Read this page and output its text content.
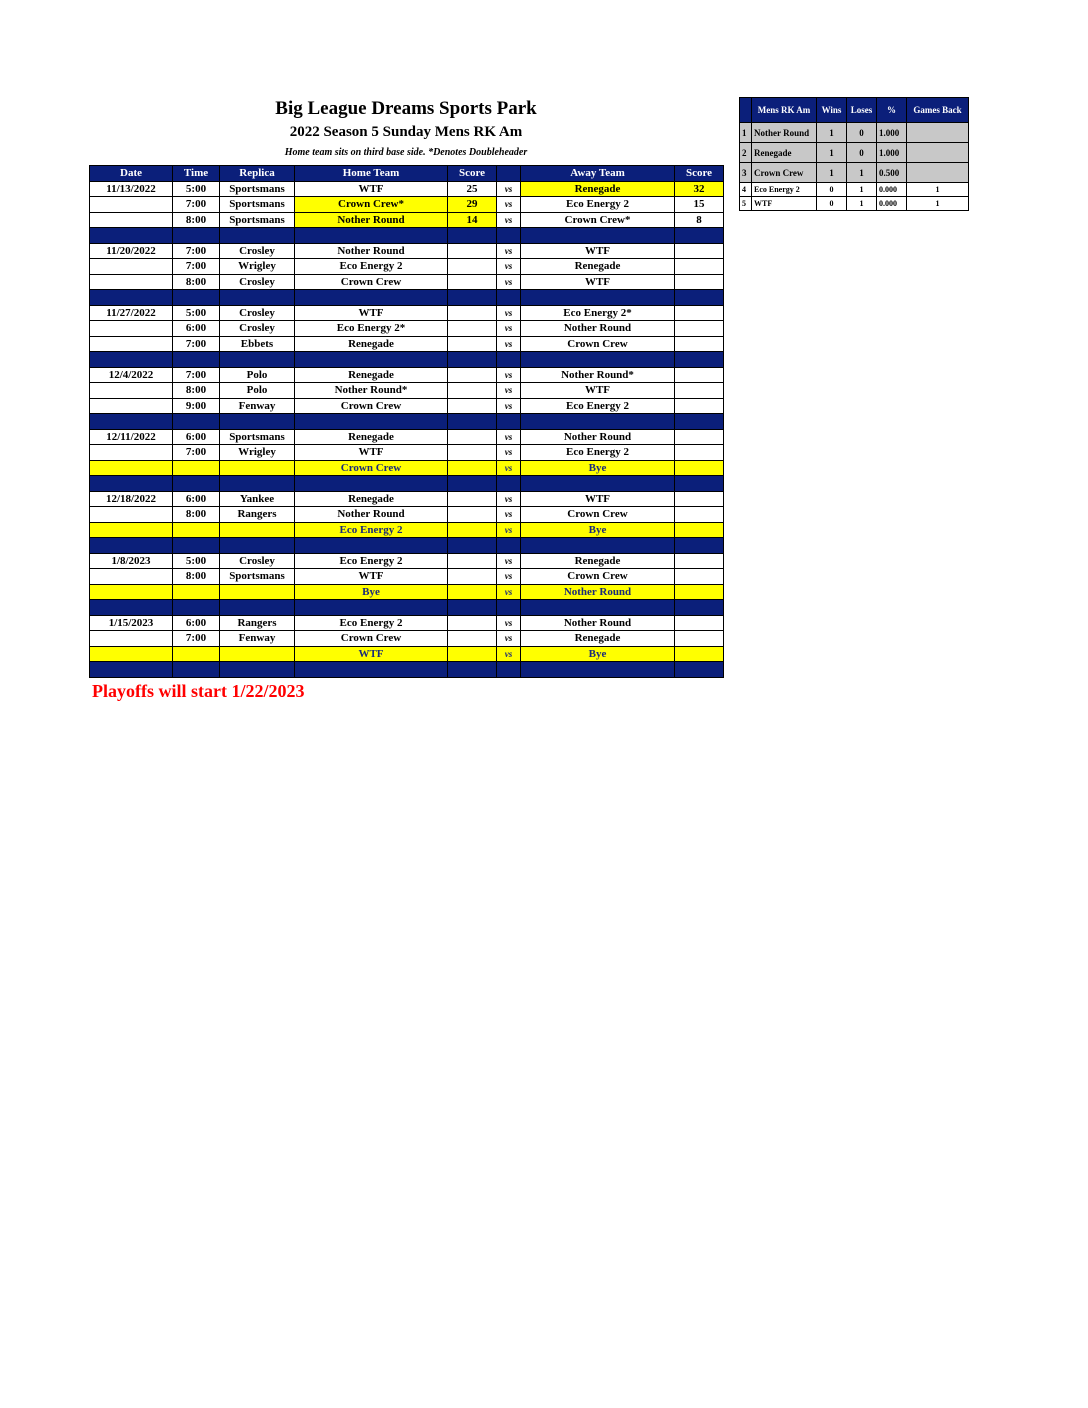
Big League Dreams Sports Park
2022 Season 5 Sunday Mens RK Am
Home team sits on third base side. *Denotes Doubleheader
Date	Time	Replica	Home Team	Score		Away Team	Score
11/13/2022	5:00	Sportsmans	WTF	25	vs	Renegade	32
	7:00	Sportsmans	Crown Crew*	29	vs	Eco Energy 2	15
	8:00	Sportsmans	Nother Round	14	vs	Crown Crew*	8

11/20/2022	7:00	Crosley	Nother Round		vs	WTF	
	7:00	Wrigley	Eco Energy 2		vs	Renegade	
	8:00	Crosley	Crown Crew		vs	WTF	

11/27/2022	5:00	Crosley	WTF		vs	Eco Energy 2*	
	6:00	Crosley	Eco Energy 2*		vs	Nother Round	
	7:00	Ebbets	Renegade		vs	Crown Crew	

12/4/2022	7:00	Polo	Renegade		vs	Nother Round*	
	8:00	Polo	Nother Round*		vs	WTF	
	9:00	Fenway	Crown Crew		vs	Eco Energy 2	

12/11/2022	6:00	Sportsmans	Renegade		vs	Nother Round	
	7:00	Wrigley	WTF		vs	Eco Energy 2	
			Crown Crew		vs	Bye	

12/18/2022	6:00	Yankee	Renegade		vs	WTF	
	8:00	Rangers	Nother Round		vs	Crown Crew	
			Eco Energy 2		vs	Bye	

1/8/2023	5:00	Crosley	Eco Energy 2		vs	Renegade	
	8:00	Sportsmans	WTF		vs	Crown Crew	
			Bye		vs	Nother Round	

1/15/2023	6:00	Rangers	Eco Energy 2		vs	Nother Round	
	7:00	Fenway	Crown Crew		vs	Renegade	
			WTF		vs	Bye	

Playoffs will start 1/22/2023
	Mens RK Am	Wins	Loses	%	Games Back
1	Nother Round	1	0	1.000	
2	Renegade	1	0	1.000	
3	Crown Crew	1	1	0.500	
4	Eco Energy 2	0	1	0.000	1
5	WTF	0	1	0.000	1
